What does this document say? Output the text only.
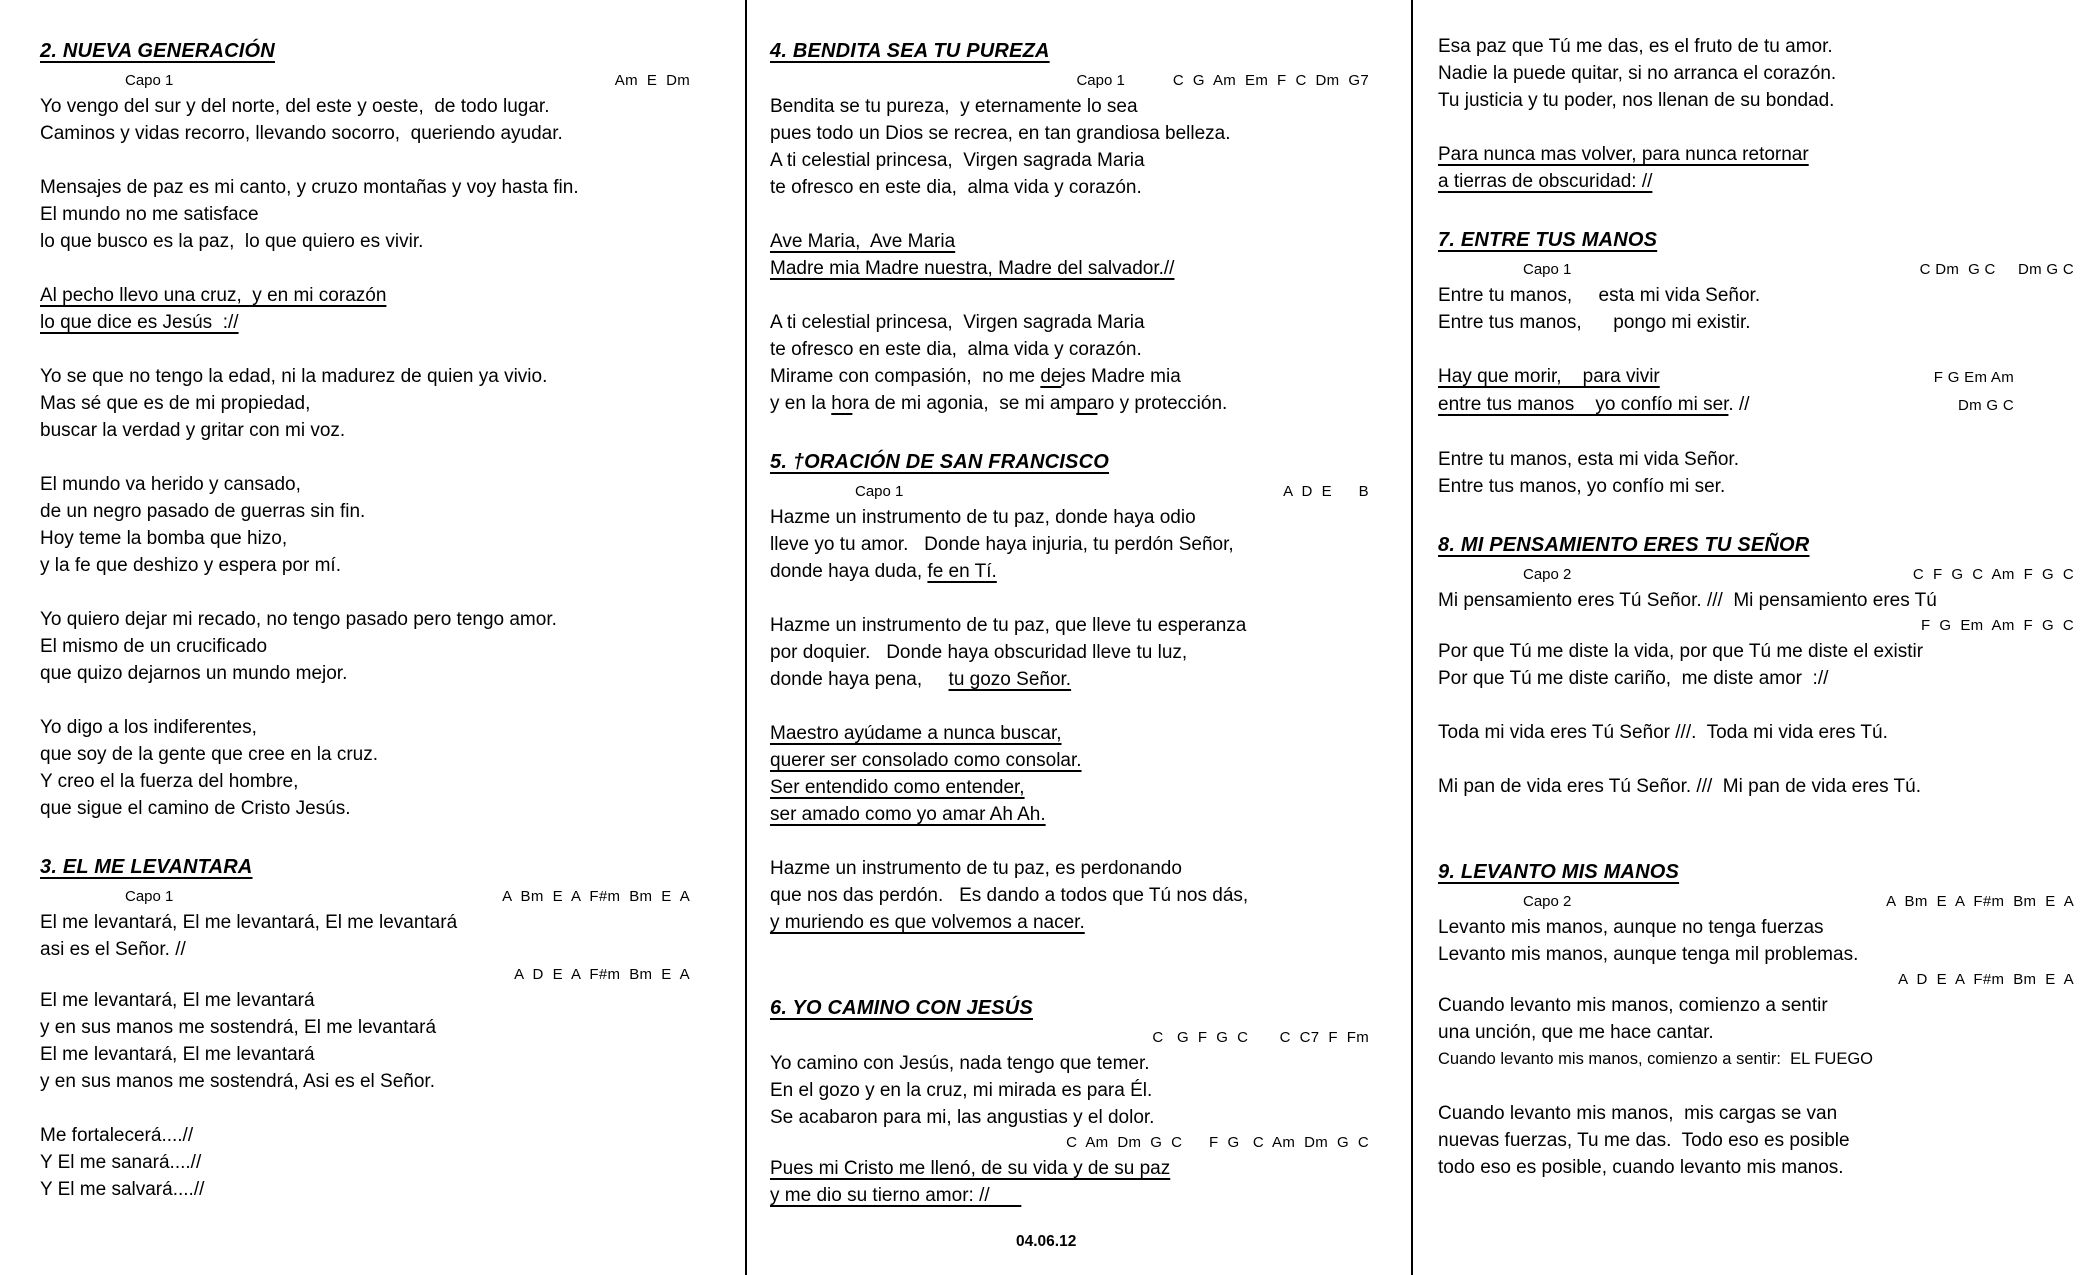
2. NUEVA GENERACIÓN
Capo 1	Am  E  Dm
Yo vengo del sur y del norte, del este y oeste,  de todo lugar.
Caminos y vidas recorro, llevando socorro,  queriendo ayudar.
Mensajes de paz es mi canto, y cruzo montañas y voy hasta fin.
El mundo no me satisface
lo que busco es la paz,  lo que quiero es vivir.
Al pecho llevo una cruz,  y en mi corazón
lo que dice es Jesús  ://
Yo se que no tengo la edad, ni la madurez de quien ya vivio.
Mas sé que es de mi propiedad,
buscar la verdad y gritar con mi voz.
El mundo va herido y cansado,
de un negro pasado de guerras sin fin.
Hoy teme la bomba que hizo,
y la fe que deshizo y espera por mí.
Yo quiero dejar mi recado, no tengo pasado pero tengo amor.
El mismo de un crucificado
que quizo dejarnos un mundo mejor.
Yo digo a los indiferentes,
que soy de la gente que cree en la cruz.
Y creo el la fuerza del hombre,
que sigue el camino de Cristo Jesús.
3. EL ME LEVANTARA
Capo 1	A  Bm  E  A  F#m  Bm  E  A
El me levantará, El me levantará, El me levantará
asi es el Señor. //
A  D  E  A  F#m  Bm  E  A
El me levantará, El me levantará
y en sus manos me sostendrá, El me levantará
El me levantará, El me levantará
y en sus manos me sostendrá, Asi es el Señor.
Me fortalecerá....//
Y El me sanará....//
Y El me salvará....//
4. BENDITA SEA TU PUREZA
Capo 1	C  G  Am  Em  F  C  Dm  G7
Bendita se tu pureza,  y eternamente lo sea
pues todo un Dios se recrea, en tan grandiosa belleza.
A ti celestial princesa,  Virgen sagrada Maria
te ofresco en este dia,  alma vida y corazón.
Ave Maria,  Ave Maria
Madre mia Madre nuestra, Madre del salvador.//
A ti celestial princesa,  Virgen sagrada Maria
te ofresco en este dia,  alma vida y corazón.
Mirame con compasión,  no me dejes Madre mia
y en la hora de mi agonia,  se mi amparo y protección.
5. †ORACIÓN DE SAN FRANCISCO
Capo 1	A  D  E      B
Hazme un instrumento de tu paz, donde haya odio
lleve yo tu amor.   Donde haya injuria, tu perdón Señor,
donde haya duda, fe en Tí.
Hazme un instrumento de tu paz, que lleve tu esperanza
por doquier.   Donde haya obscuridad lleve tu luz,
donde haya pena,     tu gozo Señor.
Maestro ayúdame a nunca buscar,
querer ser consolado como consolar.
Ser entendido como entender,
ser amado como yo amar Ah Ah.
Hazme un instrumento de tu paz, es perdonando
que nos das perdón.   Es dando a todos que Tú nos dás,
y muriendo es que volvemos a nacer.
6. YO CAMINO CON JESÚS
C   G  F  G  C       C  C7  F  Fm
Yo camino con Jesús, nada tengo que temer.
En el gozo y en la cruz, mi mirada es para Él.
Se acabaron para mi, las angustias y el dolor.
C  Am  Dm  G  C      F  G   C  Am  Dm  G  C
Pues mi Cristo me llenó, de su vida y de su paz
y me dio su tierno amor: //
Esa paz que Tú me das, es el fruto de tu amor.
Nadie la puede quitar, si no arranca el corazón.
Tu justicia y tu poder, nos llenan de su bondad.
Para nunca mas volver, para nunca retornar
a tierras de obscuridad: //
7. ENTRE TUS MANOS
Capo 1	C Dm  G C     Dm G C
Entre tu manos,     esta mi vida Señor.
Entre tus manos,      pongo mi existir.
Hay que morir,    para vivir	F G Em Am
entre tus manos    yo confío mi ser. //	Dm G C
Entre tu manos, esta mi vida Señor.
Entre tus manos, yo confío mi ser.
8. MI PENSAMIENTO ERES TU SEÑOR
Capo 2	C  F  G  C  Am  F  G  C
Mi pensamiento eres Tú Señor. ///  Mi pensamiento eres Tú
F  G  Em  Am  F  G  C
Por que Tú me diste la vida, por que Tú me diste el existir
Por que Tú me diste cariño,  me diste amor  ://
Toda mi vida eres Tú Señor ///.  Toda mi vida eres Tú.
Mi pan de vida eres Tú Señor. ///  Mi pan de vida eres Tú.
9. LEVANTO MIS MANOS
Capo 2	A  Bm  E  A  F#m  Bm  E  A
Levanto mis manos, aunque no tenga fuerzas
Levanto mis manos, aunque tenga mil problemas.
A  D  E  A  F#m  Bm  E  A
Cuando levanto mis manos, comienzo a sentir
una unción, que me hace cantar.
Cuando levanto mis manos, comienzo a sentir:  EL FUEGO
Cuando levanto mis manos,  mis cargas se van
nuevas fuerzas, Tu me das.  Todo eso es posible
todo eso es posible, cuando levanto mis manos.
04.06.12
